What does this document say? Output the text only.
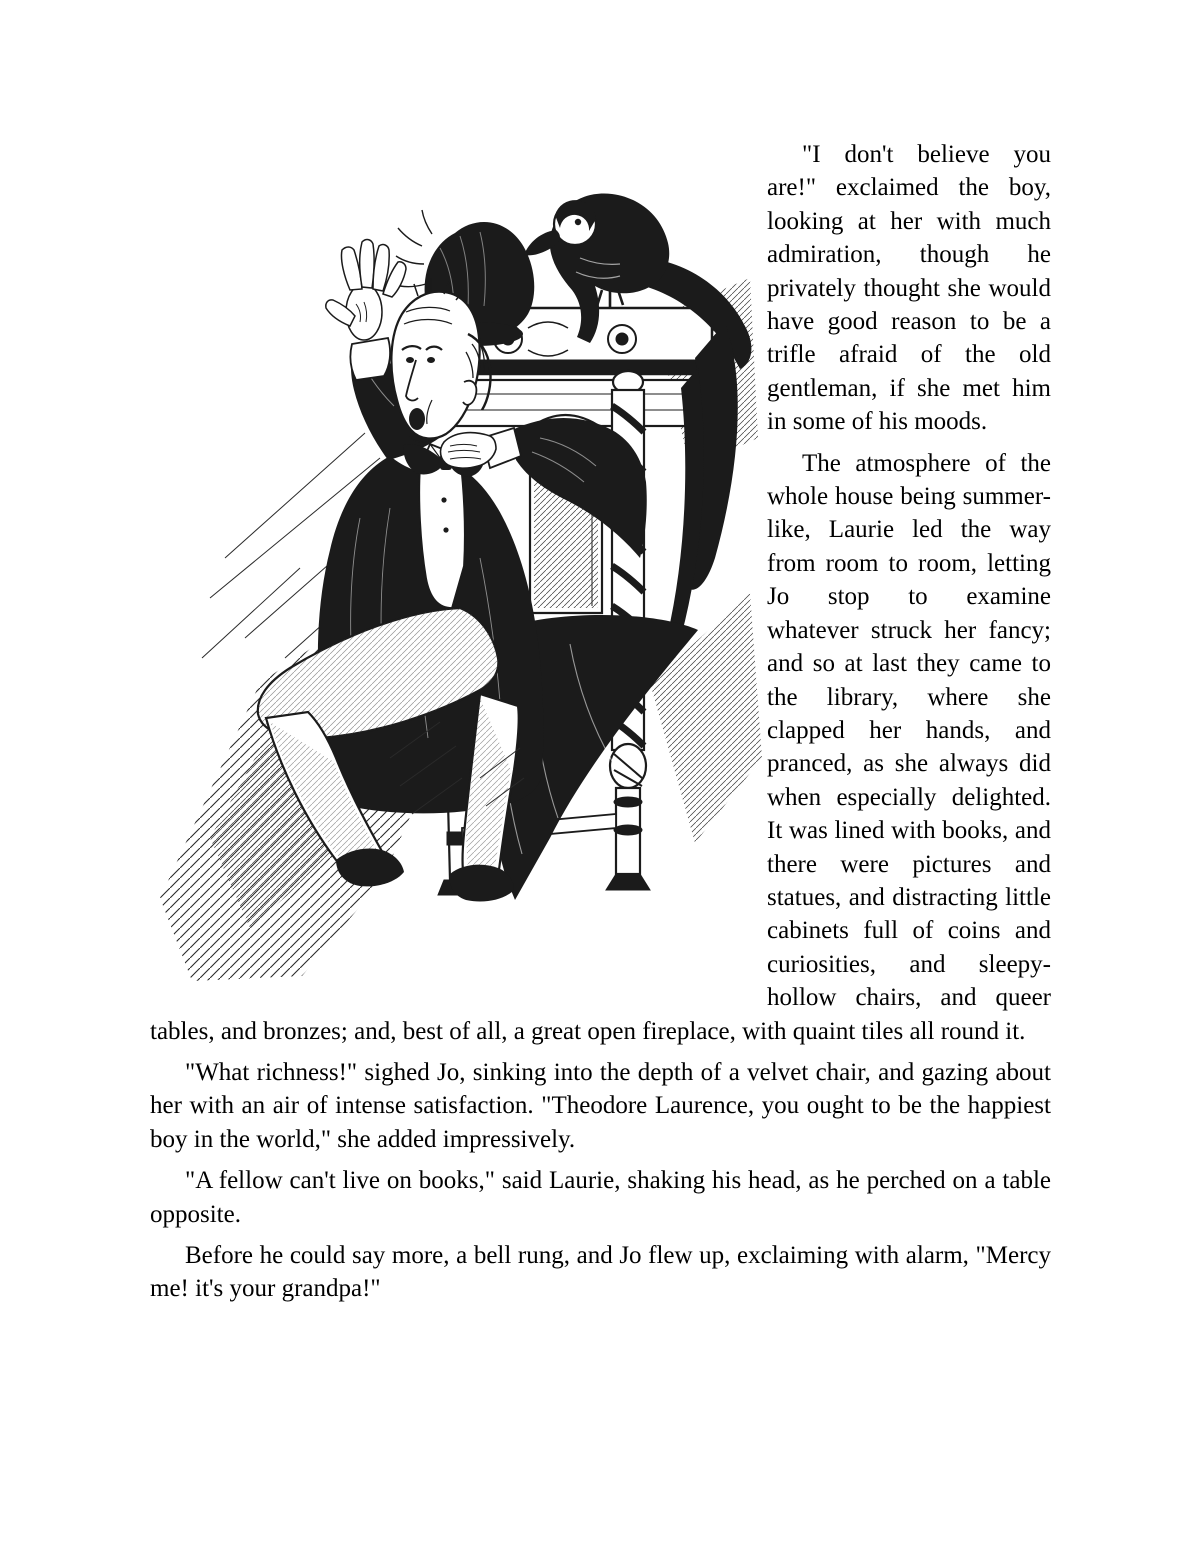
"I don't believe you are!" exclaimed the boy, looking at her with much admiration, though he privately thought she would have good reason to be a trifle afraid of the old gentleman, if she met him in some of his moods.

The atmosphere of the whole house being summer-like, Laurie led the way from room to room, letting Jo stop to examine whatever struck her fancy; and so at last they came to the library, where she clapped her hands, and pranced, as she always did when especially delighted. It was lined with books, and there were pictures and statues, and distracting little cabinets full of coins and curiosities, and sleepy-hollow chairs, and queer tables, and bronzes; and, best of all, a great open fireplace, with quaint tiles all round it.

"What richness!" sighed Jo, sinking into the depth of a velvet chair, and gazing about her with an air of intense satisfaction. "Theodore Laurence, you ought to be the happiest boy in the world," she added impressively.

"A fellow can't live on books," said Laurie, shaking his head, as he perched on a table opposite.

Before he could say more, a bell rung, and Jo flew up, exclaiming with alarm, "Mercy me! it's your grandpa!"
